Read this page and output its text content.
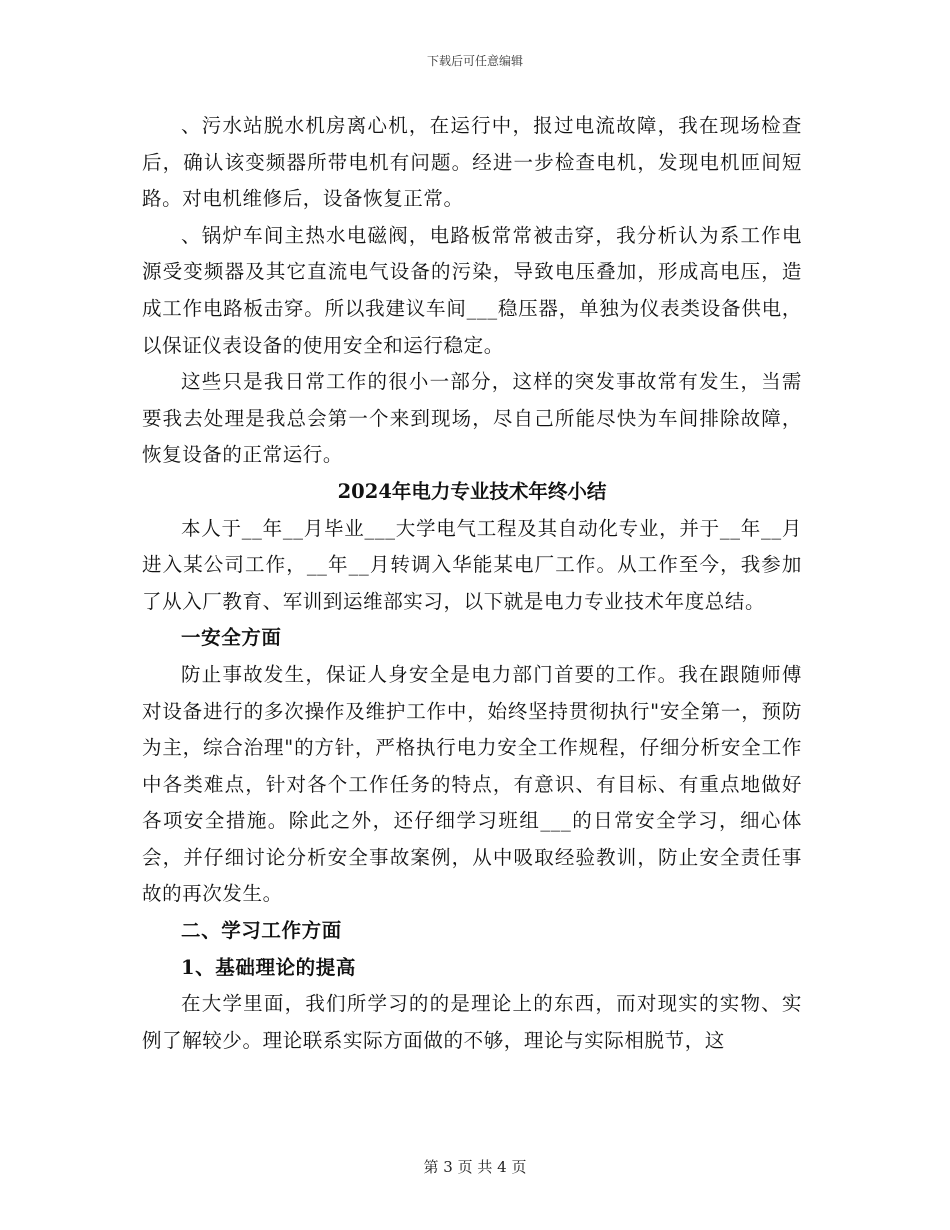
下载后可任意编辑

、污水站脱水机房离心机，在运行中，报过电流故障，我在现场检查后，确认该变频器所带电机有问题。经进一步检查电机，发现电机匝间短路。对电机维修后，设备恢复正常。

、锅炉车间主热水电磁阀，电路板常常被击穿，我分析认为系工作电源受变频器及其它直流电气设备的污染，导致电压叠加，形成高电压，造成工作电路板击穿。所以我建议车间___稳压器，单独为仪表类设备供电，以保证仪表设备的使用安全和运行稳定。

这些只是我日常工作的很小一部分，这样的突发事故常有发生，当需要我去处理是我总会第一个来到现场，尽自己所能尽快为车间排除故障，恢复设备的正常运行。

2024年电力专业技术年终小结

本人于__年__月毕业___大学电气工程及其自动化专业，并于__年__月进入某公司工作，__年__月转调入华能某电厂工作。从工作至今，我参加了从入厂教育、军训到运维部实习，以下就是电力专业技术年度总结。

一安全方面

防止事故发生，保证人身安全是电力部门首要的工作。我在跟随师傅对设备进行的多次操作及维护工作中，始终坚持贯彻执行"安全第一，预防为主，综合治理"的方针，严格执行电力安全工作规程，仔细分析安全工作中各类难点，针对各个工作任务的特点，有意识、有目标、有重点地做好各项安全措施。除此之外，还仔细学习班组___的日常安全学习，细心体会，并仔细讨论分析安全事故案例，从中吸取经验教训，防止安全责任事故的再次发生。

二、学习工作方面

1、基础理论的提高

在大学里面，我们所学习的的是理论上的东西，而对现实的实物、实例了解较少。理论联系实际方面做的不够，理论与实际相脱节，这

第 3 页 共 4 页
